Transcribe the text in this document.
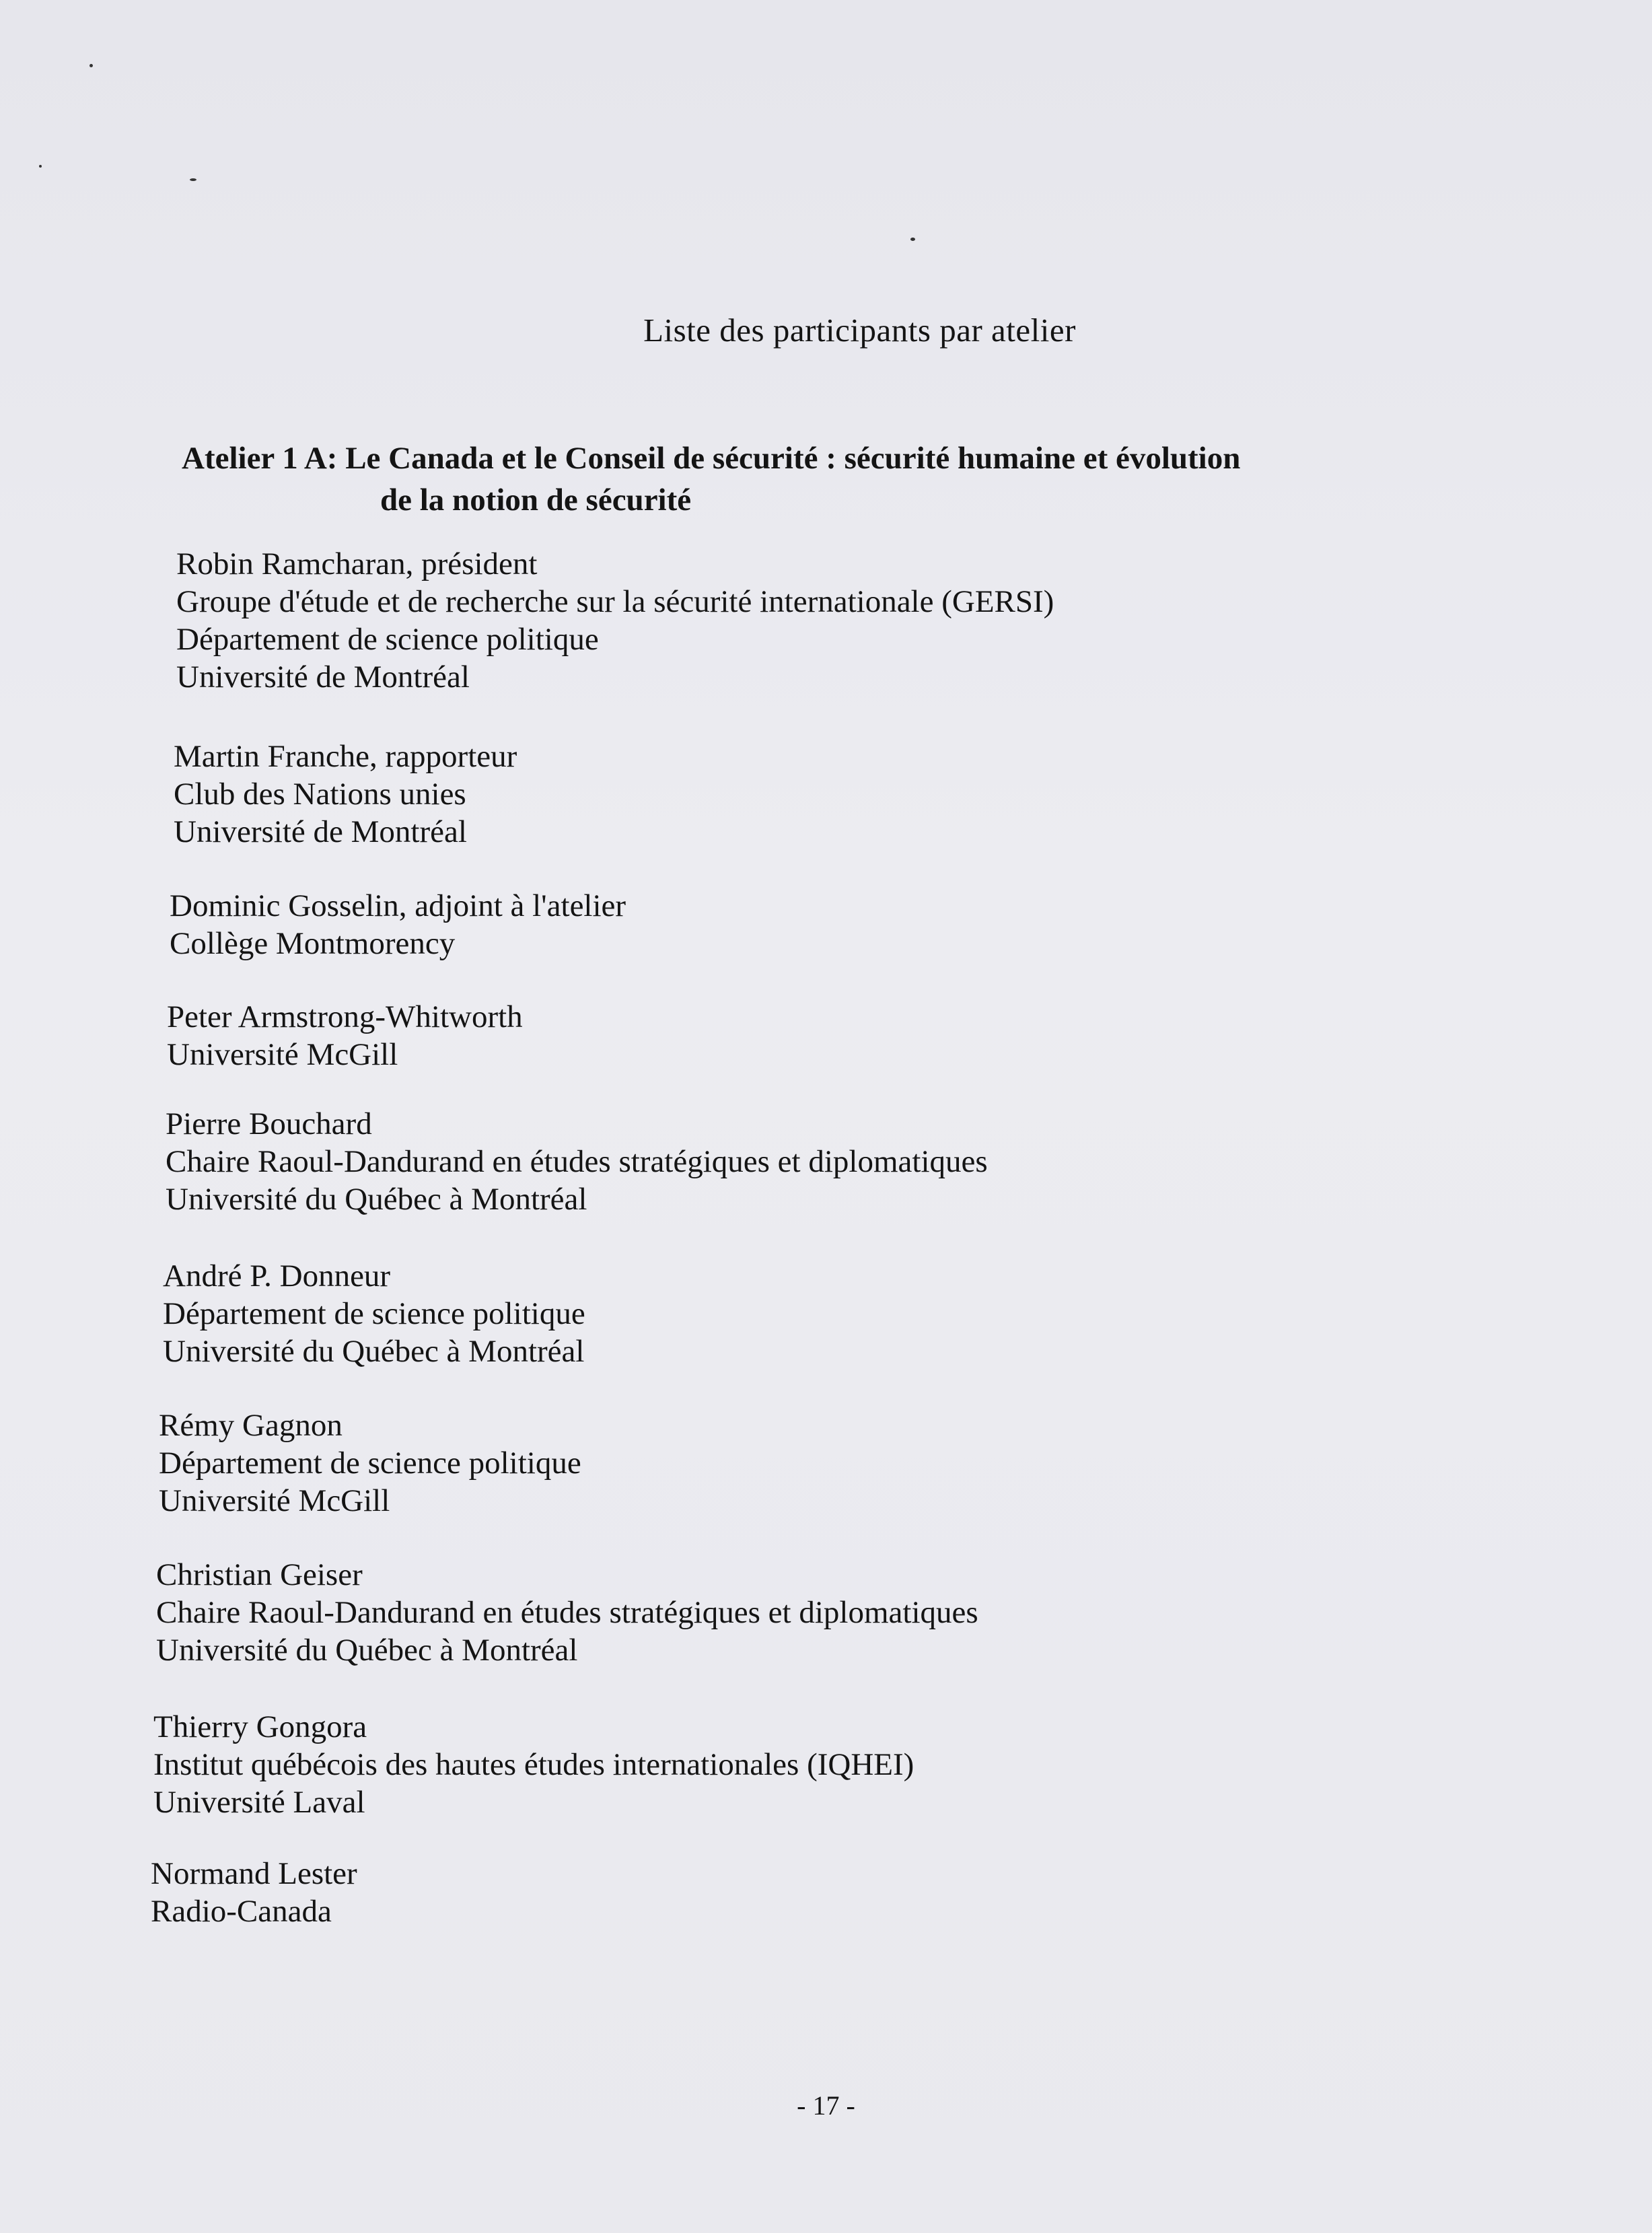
Liste des participants par atelier
Atelier 1 A: Le Canada et le Conseil de sécurité : sécurité humaine et évolution
de la notion de sécurité
Robin Ramcharan, président
Groupe d'étude et de recherche sur la sécurité internationale (GERSI)
Département de science politique
Université de Montréal
Martin Franche, rapporteur
Club des Nations unies
Université de Montréal
Dominic Gosselin, adjoint à l'atelier
Collège Montmorency
Peter Armstrong-Whitworth
Université McGill
Pierre Bouchard
Chaire Raoul-Dandurand en études stratégiques et diplomatiques
Université du Québec à Montréal
André P. Donneur
Département de science politique
Université du Québec à Montréal
Rémy Gagnon
Département de science politique
Université McGill
Christian Geiser
Chaire Raoul-Dandurand en études stratégiques et diplomatiques
Université du Québec à Montréal
Thierry Gongora
Institut québécois des hautes études internationales (IQHEI)
Université Laval
Normand Lester
Radio-Canada
- 17 -
